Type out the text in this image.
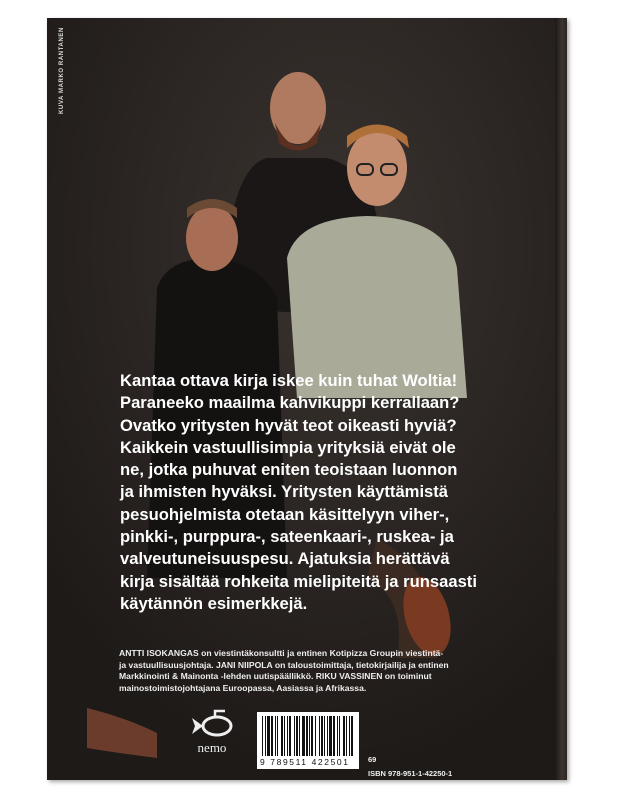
KUVA MARKO RANTANEN
Kantaa ottava kirja iskee kuin tuhat Woltia!
Paraneeko maailma kahvikuppi kerrallaan?
Ovatko yritysten hyvät teot oikeasti hyviä?
Kaikkein vastuullisimpia yrityksiä eivät ole
ne, jotka puhuvat eniten teoistaan luonnon
ja ihmisten hyväksi. Yritysten käyttämistä
pesuohjelmista otetaan käsittelyyn viher-,
pinkki-, purppura-, sateenkaari-, ruskea- ja
valveutuneisuuspesu. Ajatuksia herättävä
kirja sisältää rohkeita mielipiteitä ja runsaasti
käytännön esimerkkejä.
ANTTI ISOKANGAS on viestintäkonsultti ja entinen Kotipizza Groupin viestintä-
ja vastuullisuusjohtaja. JANI NIIPOLA on taloustoimittaja, tietokirjailija ja entinen
Markkinointi & Mainonta -lehden uutispäällikkö. RIKU VASSINEN on toiminut
mainostoimistojohtajana Euroopassa, Aasiassa ja Afrikassa.
nemo
9 789511 422501 69
ISBN 978-951-1-42250-1
